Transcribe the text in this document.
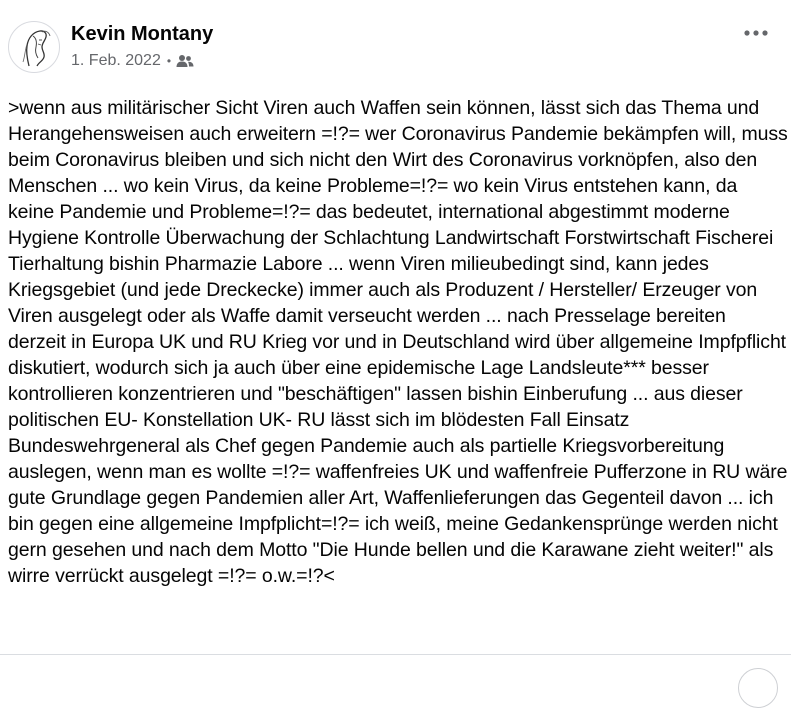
Kevin Montany
1. Feb. 2022 •
>wenn aus militärischer Sicht Viren auch Waffen sein können, lässt sich das Thema und Herangehensweisen auch erweitern =!?= wer Coronavirus Pandemie bekämpfen will, muss beim Coronavirus bleiben und sich nicht den Wirt des Coronavirus vorknöpfen, also den Menschen ... wo kein Virus, da keine Probleme=!?= wo kein Virus entstehen kann, da keine Pandemie und Probleme=!?= das bedeutet, international abgestimmt moderne Hygiene Kontrolle Überwachung der Schlachtung Landwirtschaft Forstwirtschaft Fischerei Tierhaltung bishin Pharmazie Labore ... wenn Viren milieubedingt sind, kann jedes Kriegsgebiet (und jede Dreckecke) immer auch als Produzent / Hersteller/ Erzeuger von Viren ausgelegt oder als Waffe damit verseucht werden ... nach Presselage bereiten derzeit in Europa UK und RU Krieg vor und in Deutschland wird über allgemeine Impfpflicht diskutiert, wodurch sich ja auch über eine epidemische Lage Landsleute*** besser kontrollieren konzentrieren und "beschäftigen" lassen bishin Einberufung ... aus dieser politischen EU- Konstellation UK- RU lässt sich im blödesten Fall Einsatz Bundeswehrgeneral als Chef gegen Pandemie auch als partielle Kriegsvorbereitung auslegen, wenn man es wollte =!?= waffenfreies UK und waffenfreie Pufferzone in RU wäre gute Grundlage gegen Pandemien aller Art, Waffenlieferungen das Gegenteil davon ... ich bin gegen eine allgemeine Impfplicht=!?= ich weiß, meine Gedankensprünge werden nicht gern gesehen und nach dem Motto "Die Hunde bellen und die Karawane zieht weiter!" als wirre verrückt ausgelegt =!?= o.w.=!?<
